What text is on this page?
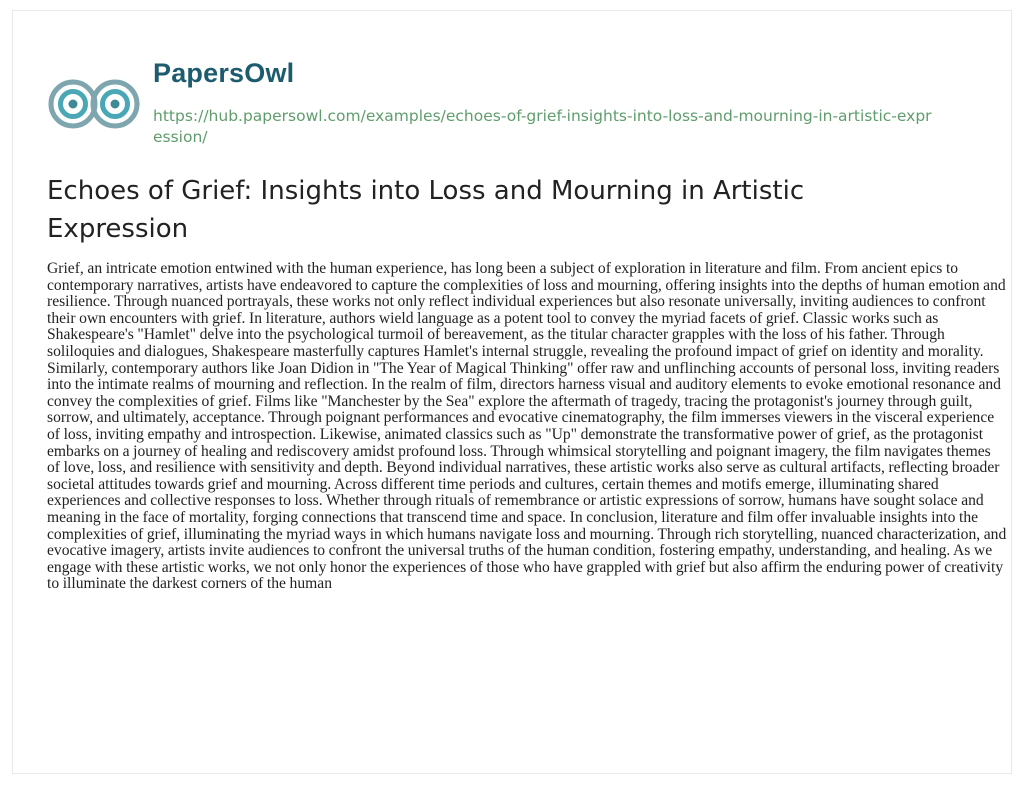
PapersOwl
https://hub.papersowl.com/examples/echoes-of-grief-insights-into-loss-and-mourning-in-artistic-expression/
Echoes of Grief: Insights into Loss and Mourning in Artistic Expression

Grief, an intricate emotion entwined with the human experience, has long been a subject of exploration in literature and film. From ancient epics to contemporary narratives, artists have endeavored to capture the complexities of loss and mourning, offering insights into the depths of human emotion and resilience. Through nuanced portrayals, these works not only reflect individual experiences but also resonate universally, inviting audiences to confront their own encounters with grief. In literature, authors wield language as a potent tool to convey the myriad facets of grief. Classic works such as Shakespeare's "Hamlet" delve into the psychological turmoil of bereavement, as the titular character grapples with the loss of his father. Through soliloquies and dialogues, Shakespeare masterfully captures Hamlet's internal struggle, revealing the profound impact of grief on identity and morality. Similarly, contemporary authors like Joan Didion in "The Year of Magical Thinking" offer raw and unflinching accounts of personal loss, inviting readers into the intimate realms of mourning and reflection. In the realm of film, directors harness visual and auditory elements to evoke emotional resonance and convey the complexities of grief. Films like "Manchester by the Sea" explore the aftermath of tragedy, tracing the protagonist's journey through guilt, sorrow, and ultimately, acceptance. Through poignant performances and evocative cinematography, the film immerses viewers in the visceral experience of loss, inviting empathy and introspection. Likewise, animated classics such as "Up" demonstrate the transformative power of grief, as the protagonist embarks on a journey of healing and rediscovery amidst profound loss. Through whimsical storytelling and poignant imagery, the film navigates themes of love, loss, and resilience with sensitivity and depth. Beyond individual narratives, these artistic works also serve as cultural artifacts, reflecting broader societal attitudes towards grief and mourning. Across different time periods and cultures, certain themes and motifs emerge, illuminating shared experiences and collective responses to loss. Whether through rituals of remembrance or artistic expressions of sorrow, humans have sought solace and meaning in the face of mortality, forging connections that transcend time and space. In conclusion, literature and film offer invaluable insights into the complexities of grief, illuminating the myriad ways in which humans navigate loss and mourning. Through rich storytelling, nuanced characterization, and evocative imagery, artists invite audiences to confront the universal truths of the human condition, fostering empathy, understanding, and healing. As we engage with these artistic works, we not only honor the experiences of those who have grappled with grief but also affirm the enduring power of creativity to illuminate the darkest corners of the human
